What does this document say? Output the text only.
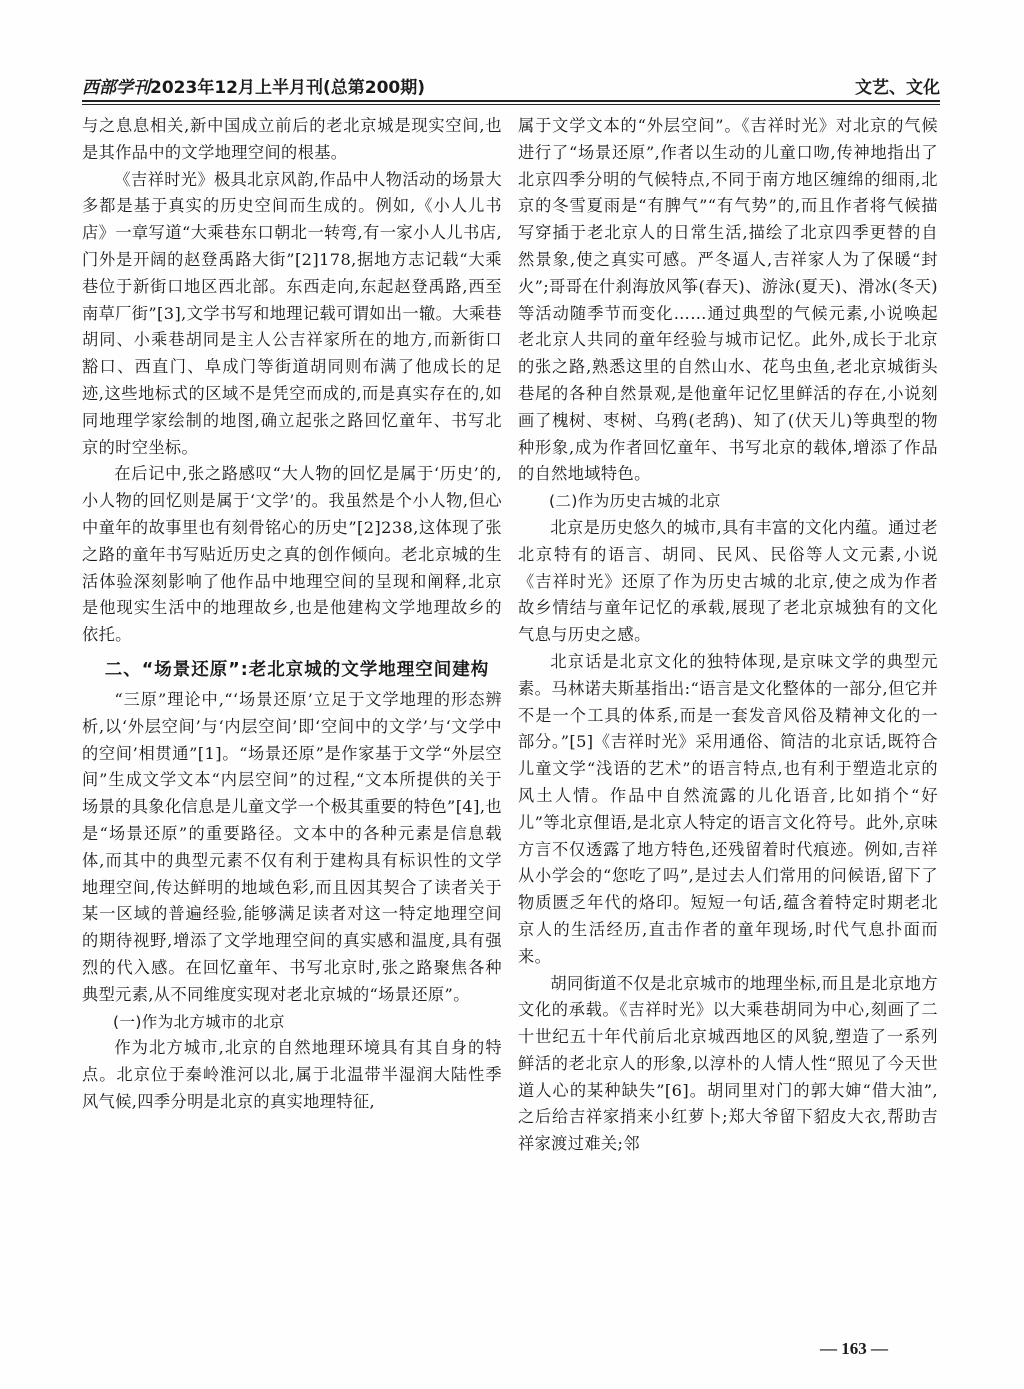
西部学刊2023年12月上半月刊(总第200期)	文艺、文化

与之息息相关,新中国成立前后的老北京城是现实空间,也是其作品中的文学地理空间的根基。

《吉祥时光》极具北京风韵,作品中人物活动的场景大多都是基于真实的历史空间而生成的。例如,《小人儿书店》一章写道“大乘巷东口朝北一转弯,有一家小人儿书店,门外是开阔的赵登禹路大街”[2]178,据地方志记载“大乘巷位于新街口地区西北部。东西走向,东起赵登禹路,西至南草厂街”[3],文学书写和地理记载可谓如出一辙。大乘巷胡同、小乘巷胡同是主人公吉祥家所在的地方,而新街口豁口、西直门、阜成门等街道胡同则布满了他成长的足迹,这些地标式的区域不是凭空而成的,而是真实存在的,如同地理学家绘制的地图,确立起张之路回忆童年、书写北京的时空坐标。

在后记中,张之路感叹“大人物的回忆是属于‘历史’的,小人物的回忆则是属于‘文学’的。我虽然是个小人物,但心中童年的故事里也有刻骨铭心的历史”[2]238,这体现了张之路的童年书写贴近历史之真的创作倾向。老北京城的生活体验深刻影响了他作品中地理空间的呈现和阐释,北京是他现实生活中的地理故乡,也是他建构文学地理故乡的依托。

二、“场景还原”:老北京城的文学地理空间建构

“三原”理论中,“‘场景还原’立足于文学地理的形态辨析,以‘外层空间’与‘内层空间’即‘空间中的文学’与‘文学中的空间’相贯通”[1]。“场景还原”是作家基于文学“外层空间”生成文学文本“内层空间”的过程,“文本所提供的关于场景的具象化信息是儿童文学一个极其重要的特色”[4],也是“场景还原”的重要路径。文本中的各种元素是信息载体,而其中的典型元素不仅有利于建构具有标识性的文学地理空间,传达鲜明的地域色彩,而且因其契合了读者关于某一区域的普遍经验,能够满足读者对这一特定地理空间的期待视野,增添了文学地理空间的真实感和温度,具有强烈的代入感。在回忆童年、书写北京时,张之路聚焦各种典型元素,从不同维度实现对老北京城的“场景还原”。

(一)作为北方城市的北京

作为北方城市,北京的自然地理环境具有其自身的特点。北京位于秦岭淮河以北,属于北温带半湿润大陆性季风气候,四季分明是北京的真实地理特征,

属于文学文本的“外层空间”。《吉祥时光》对北京的气候进行了“场景还原”,作者以生动的儿童口吻,传神地指出了北京四季分明的气候特点,不同于南方地区缠绵的细雨,北京的冬雪夏雨是“有脾气”“有气势”的,而且作者将气候描写穿插于老北京人的日常生活,描绘了北京四季更替的自然景象,使之真实可感。严冬逼人,吉祥家人为了保暖“封火”;哥哥在什刹海放风筝(春天)、游泳(夏天)、滑冰(冬天)等活动随季节而变化……通过典型的气候元素,小说唤起老北京人共同的童年经验与城市记忆。此外,成长于北京的张之路,熟悉这里的自然山水、花鸟虫鱼,老北京城街头巷尾的各种自然景观,是他童年记忆里鲜活的存在,小说刻画了槐树、枣树、乌鸦(老鸹)、知了(伏天儿)等典型的物种形象,成为作者回忆童年、书写北京的载体,增添了作品的自然地域特色。

(二)作为历史古城的北京

北京是历史悠久的城市,具有丰富的文化内蕴。通过老北京特有的语言、胡同、民风、民俗等人文元素,小说《吉祥时光》还原了作为历史古城的北京,使之成为作者故乡情结与童年记忆的承载,展现了老北京城独有的文化气息与历史之感。

北京话是北京文化的独特体现,是京味文学的典型元素。马林诺夫斯基指出:“语言是文化整体的一部分,但它并不是一个工具的体系,而是一套发音风俗及精神文化的一部分。”[5]《吉祥时光》采用通俗、简洁的北京话,既符合儿童文学“浅语的艺术”的语言特点,也有利于塑造北京的风土人情。作品中自然流露的儿化语音,比如捎个“好儿”等北京俚语,是北京人特定的语言文化符号。此外,京味方言不仅透露了地方特色,还残留着时代痕迹。例如,吉祥从小学会的“您吃了吗”,是过去人们常用的问候语,留下了物质匮乏年代的烙印。短短一句话,蕴含着特定时期老北京人的生活经历,直击作者的童年现场,时代气息扑面而来。

胡同街道不仅是北京城市的地理坐标,而且是北京地方文化的承载。《吉祥时光》以大乘巷胡同为中心,刻画了二十世纪五十年代前后北京城西地区的风貌,塑造了一系列鲜活的老北京人的形象,以淳朴的人情人性“照见了今天世道人心的某种缺失”[6]。胡同里对门的郭大婶“借大油”,之后给吉祥家捎来小红萝卜;郑大爷留下貂皮大衣,帮助吉祥家渡过难关;邻

— 163 —
